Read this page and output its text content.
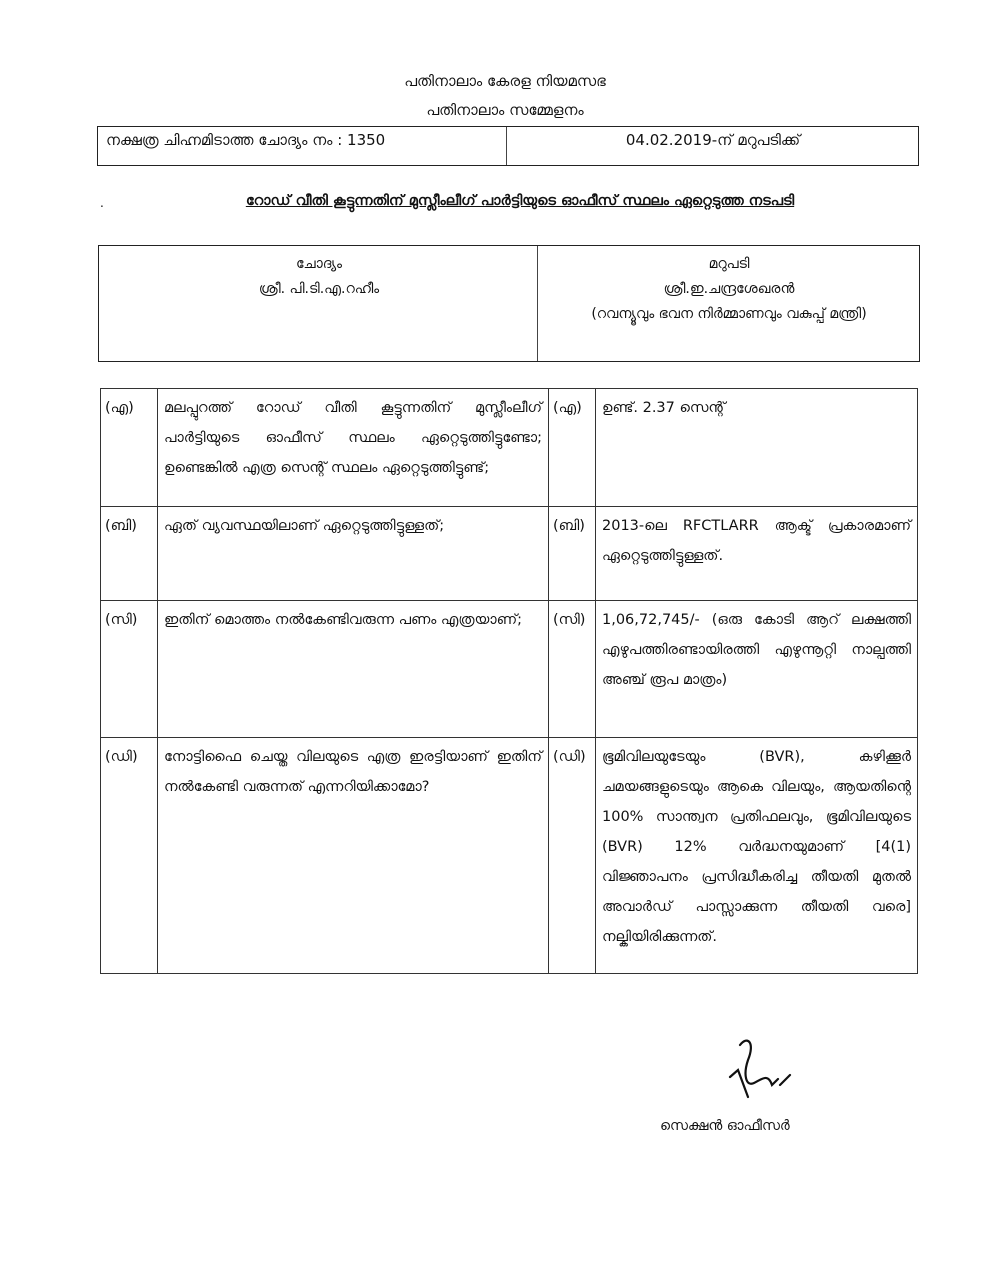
പതിനാലാം കേരള നിയമസഭ
പതിനാലാം സമ്മേളനം
നക്ഷത്ര ചിഹ്നമിടാത്ത ചോദ്യം നം : 1350	04.02.2019-ന് മറുപടിക്ക്
.	റോഡ് വീതി കൂട്ടുന്നതിന് മുസ്ലീംലീഗ് പാർട്ടിയുടെ ഓഫീസ് സ്ഥലം ഏറ്റെടുത്ത നടപടി
ചോദ്യം
ശ്രീ. പി.ടി.എ.റഹീം
മറുപടി
ശ്രീ.ഇ.ചന്ദ്രശേഖരൻ
(റവന്യൂവും ഭവന നിർമ്മാണവും വകുപ്പ് മന്ത്രി)
(എ)	മലപ്പുറത്ത് റോഡ് വീതി കൂട്ടുന്നതിന് മുസ്ലീംലീഗ് പാർട്ടിയുടെ ഓഫീസ് സ്ഥലം ഏറ്റെടുത്തിട്ടുണ്ടോ; ഉണ്ടെങ്കിൽ എത്ര സെന്റ് സ്ഥലം ഏറ്റെടുത്തിട്ടുണ്ട്;	(എ)	ഉണ്ട്. 2.37 സെന്റ്
(ബി)	ഏത് വ്യവസ്ഥയിലാണ് ഏറ്റെടുത്തിട്ടുള്ളത്;	(ബി)	2013-ലെ RFCTLARR ആക്ട് പ്രകാരമാണ് ഏറ്റെടുത്തിട്ടുള്ളത്.
(സി)	ഇതിന് മൊത്തം നൽകേണ്ടിവരുന്ന പണം എത്രയാണ്;	(സി)	1,06,72,745/- (ഒരു കോടി ആറ് ലക്ഷത്തി എഴുപത്തിരണ്ടായിരത്തി എഴുന്നൂറ്റി നാല്പത്തി അഞ്ച് രൂപ മാത്രം)
(ഡി)	നോട്ടിഫൈ ചെയ്ത വിലയുടെ എത്ര ഇരട്ടിയാണ് ഇതിന് നൽകേണ്ടി വരുന്നത് എന്നറിയിക്കാമോ?	(ഡി)	ഭൂമിവിലയുടേയും (BVR), കഴിക്കൂർ ചമയങ്ങളുടെയും ആകെ വിലയും, ആയതിന്റെ 100% സാന്ത്വന പ്രതിഫലവും, ഭൂമിവിലയുടെ (BVR) 12% വർദ്ധനയുമാണ് [4(1) വിജ്ഞാപനം പ്രസിദ്ധീകരിച്ച തീയതി മുതൽ അവാർഡ് പാസ്സാക്കുന്ന തീയതി വരെ] നല്കിയിരിക്കുന്നത്.
സെക്ഷൻ ഓഫീസർ
